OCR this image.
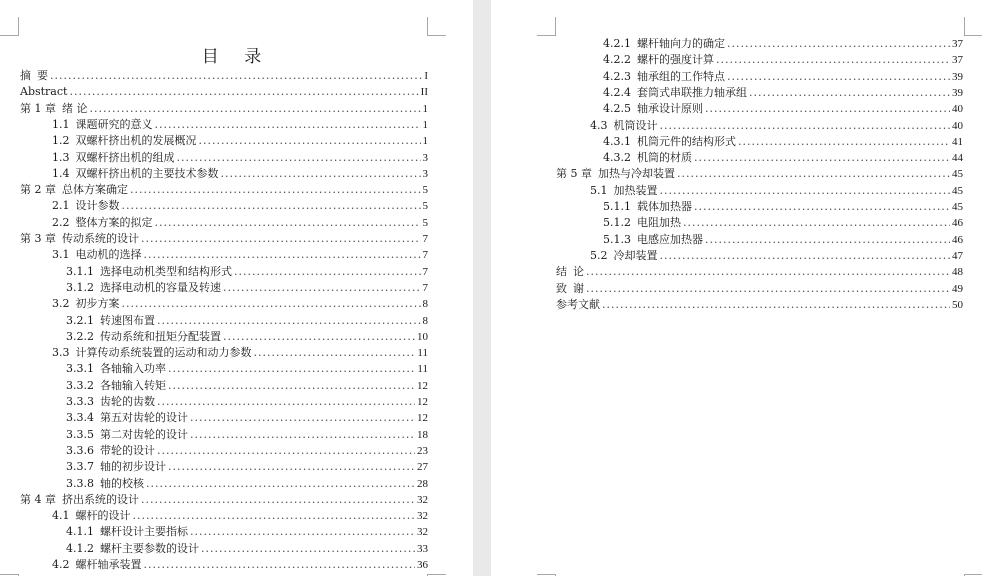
目 录
摘 要 .....	I
Abstract .....	II
第 1 章 绪 论 .....	1
1.1 课题研究的意义 .....	1
1.2 双螺杆挤出机的发展概况 .....	1
1.3 双螺杆挤出机的组成 .....	3
1.4 双螺杆挤出机的主要技术参数 .....	3
第 2 章 总体方案确定 .....	5
2.1 设计参数 .....	5
2.2 整体方案的拟定 .....	5
第 3 章 传动系统的设计 .....	7
3.1 电动机的选择 .....	7
3.1.1 选择电动机类型和结构形式 .....	7
3.1.2 选择电动机的容量及转速 .....	7
3.2 初步方案 .....	8
3.2.1 转速图布置 .....	8
3.2.2 传动系统和扭矩分配装置 .....	10
3.3 计算传动系统装置的运动和动力参数 .....	11
3.3.1 各轴输入功率 .....	11
3.3.2 各轴输入转矩 .....	12
3.3.3 齿轮的齿数 .....	12
3.3.4 第五对齿轮的设计 .....	12
3.3.5 第二对齿轮的设计 .....	18
3.3.6 带轮的设计 .....	23
3.3.7 轴的初步设计 .....	27
3.3.8 轴的校核 .....	28
第 4 章 挤出系统的设计 .....	32
4.1 螺杆的设计 .....	32
4.1.1 螺杆设计主要指标 .....	32
4.1.2 螺杆主要参数的设计 .....	33
4.2 螺杆轴承装置 .....	36
4.2.1 螺杆轴向力的确定 .....	37
4.2.2 螺杆的强度计算 .....	37
4.2.3 轴承组的工作特点 .....	39
4.2.4 套筒式串联推力轴承组 .....	39
4.2.5 轴承设计原则 .....	40
4.3 机筒设计 .....	40
4.3.1 机筒元件的结构形式 .....	41
4.3.2 机筒的材质 .....	44
第 5 章 加热与冷却装置 .....	45
5.1 加热装置 .....	45
5.1.1 载体加热器 .....	45
5.1.2 电阻加热 .....	46
5.1.3 电感应加热器 .....	46
5.2 冷却装置 .....	47
结 论 .....	48
致 谢 .....	49
参考文献 .....	50
